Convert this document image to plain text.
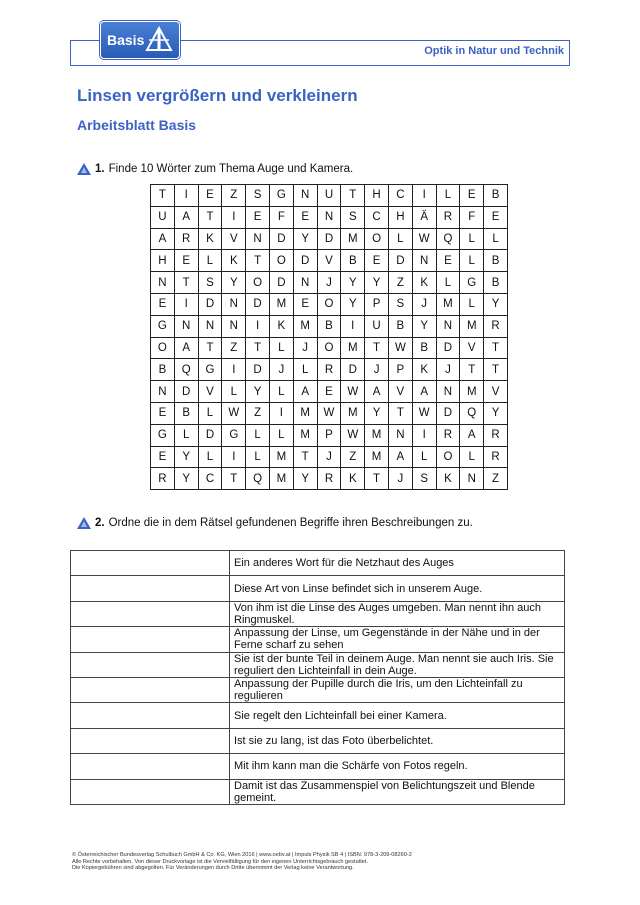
Basis
Optik in Natur und Technik
Linsen vergrößern und verkleinern
Arbeitsblatt Basis
1. Finde 10 Wörter zum Thema Auge und Kamera.
T	I	E	Z	S	G	N	U	T	H	C	I	L	E	B
U	A	T	I	E	F	E	N	S	C	H	Ä	R	F	E
A	R	K	V	N	D	Y	D	M	O	L	W	Q	L	L
H	E	L	K	T	O	D	V	B	E	D	N	E	L	B
N	T	S	Y	O	D	N	J	Y	Y	Z	K	L	G	B
E	I	D	N	D	M	E	O	Y	P	S	J	M	L	Y
G	N	N	N	I	K	M	B	I	U	B	Y	N	M	R
O	A	T	Z	T	L	J	O	M	T	W	B	D	V	T
B	Q	G	I	D	J	L	R	D	J	P	K	J	T	T
N	D	V	L	Y	L	A	E	W	A	V	A	N	M	V
E	B	L	W	Z	I	M	W	M	Y	T	W	D	Q	Y
G	L	D	G	L	L	M	P	W	M	N	I	R	A	R
E	Y	L	I	L	M	T	J	Z	M	A	L	O	L	R
R	Y	C	T	Q	M	Y	R	K	T	J	S	K	N	Z
2. Ordne die in dem Rätsel gefundenen Begriffe ihren Beschreibungen zu.
	Ein anderes Wort für die Netzhaut des Auges
	Diese Art von Linse befindet sich in unserem Auge.
	Von ihm ist die Linse des Auges umgeben. Man nennt ihn auch Ringmuskel.
	Anpassung der Linse, um Gegenstände in der Nähe und in der Ferne scharf zu sehen
	Sie ist der bunte Teil in deinem Auge. Man nennt sie auch Iris. Sie reguliert den Lichteinfall in dein Auge.
	Anpassung der Pupille durch die Iris, um den Lichteinfall zu regulieren
	Sie regelt den Lichteinfall bei einer Kamera.
	Ist sie zu lang, ist das Foto überbelichtet.
	Mit ihm kann man die Schärfe von Fotos regeln.
	Damit ist das Zusammenspiel von Belichtungszeit und Blende gemeint.
© Österreichischer Bundesverlag Schulbuch GmbH & Co. KG, Wien 2016 | www.oebv.at | Impuls Physik SB 4 | ISBN: 978-3-209-08260-2
Alle Rechte vorbehalten. Von dieser Druckvorlage ist die Vervielfältigung für den eigenen Unterrichtsgebrauch gestattet.
Die Kopiergebühren sind abgegolten. Für Veränderungen durch Dritte übernimmt der Verlag keine Verantwortung.
